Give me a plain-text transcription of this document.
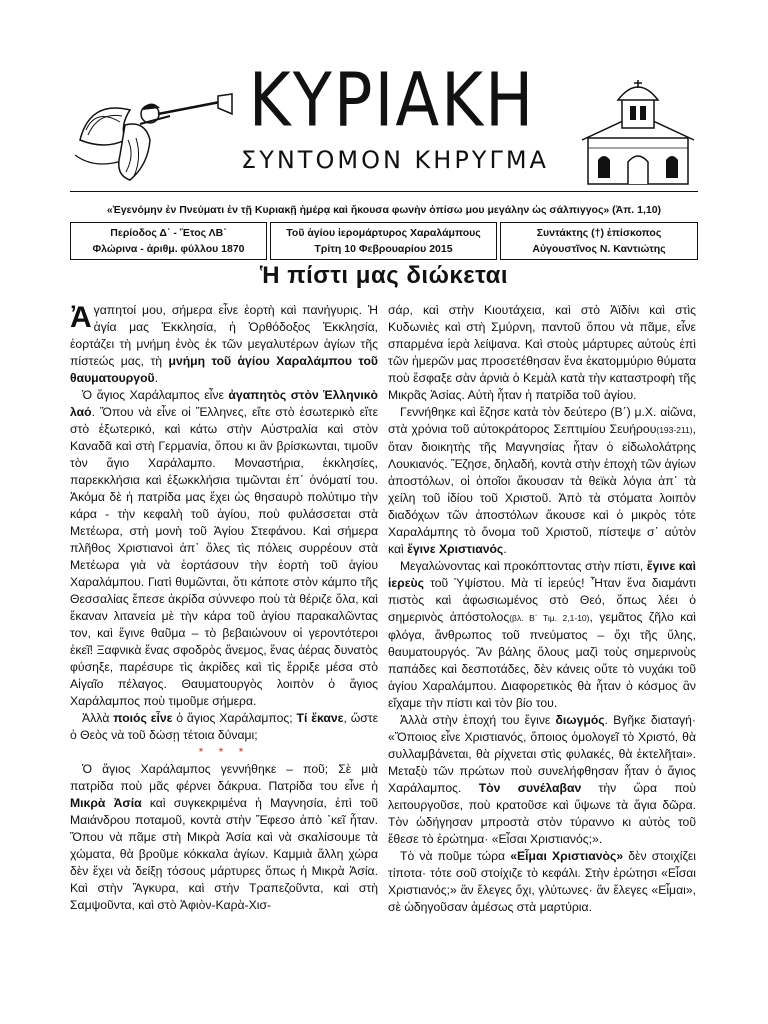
ΚΥΡΙΑΚΗ
ΣΥΝΤΟΜΟΝ ΚΗΡΥΓΜΑ
«Ἐγενόμην ἐν Πνεύματι ἐν τῇ Κυριακῇ ἡμέρᾳ καὶ ἤκουσα φωνὴν ὀπίσω μου μεγάλην ὡς σάλπιγγος» (Ἀπ. 1,10)
Περίοδος Δ΄ - Ἔτος ΛΒ΄
Φλώρινα - ἀριθμ. φύλλου 1870
Τοῦ ἁγίου ἱερομάρτυρος Χαραλάμπους
Τρίτη 10 Φεβρουαρίου 2015
Συντάκτης (†) ἐπίσκοπος
Αὐγουστῖνος Ν. Καντιώτης
Ἡ πίστι μας διώκεται

Ἀγαπητοί μου, σήμερα εἶνε ἑορτὴ καὶ πανήγυρις. Ἡ ἁγία μας Ἐκκλησία, ἡ Ὀρθόδοξος Ἐκκλησία, ἑορτάζει τὴ μνήμη ἑνὸς ἐκ τῶν μεγαλυτέρων ἁγίων τῆς πίστεώς μας, τὴ μνήμη τοῦ ἁγίου Χαραλάμπου τοῦ θαυματουργοῦ.

Ὁ ἅγιος Χαράλαμπος εἶνε ἀγαπητὸς στὸν Ἑλληνικὸ λαό. Ὅπου νὰ εἶνε οἱ Ἕλληνες, εἴτε στὸ ἐσωτερικὸ εἴτε στὸ ἐξωτερικό, καὶ κάτω στὴν Αὐστραλία καὶ στὸν Καναδᾶ καὶ στὴ Γερμανία, ὅπου κι ἂν βρίσκωνται, τιμοῦν τὸν ἅγιο Χαράλαμπο. Μοναστήρια, ἐκκλησίες, παρεκκλήσια καὶ ἐξωκκλήσια τιμῶνται ἐπ᾽ ὀνόματί του. Ἀκόμα δὲ ἡ πατρίδα μας ἔχει ὡς θησαυρὸ πολύτιμο τὴν κάρα - τὴν κεφαλὴ τοῦ ἁγίου, ποὺ φυλάσσεται στὰ Μετέωρα, στὴ μονὴ τοῦ Ἁγίου Στεφάνου. Καὶ σήμερα πλῆθος Χριστιανοὶ ἀπ᾽ ὅλες τὶς πόλεις συρρέουν στὰ Μετέωρα γιὰ νὰ ἑορτάσουν τὴν ἑορτὴ τοῦ ἁγίου Χαραλάμπου. Γιατὶ θυμῶνται, ὅτι κάποτε στὸν κάμπο τῆς Θεσσαλίας ἔπεσε ἀκρίδα σύννεφο ποὺ τὰ θέριζε ὅλα, καὶ ἔκαναν λιτανεία μὲ τὴν κάρα τοῦ ἁγίου παρακαλῶντας τον, καὶ ἔγινε θαῦμα – τὸ βεβαιώνουν οἱ γεροντότεροι ἐκεῖ! Ξαφνικὰ ἕνας σφοδρὸς ἄνεμος, ἕνας ἀέρας δυνατὸς φύσηξε, παρέσυρε τὶς ἀκρίδες καὶ τὶς ἔρριξε μέσα στὸ Αἰγαῖο πέλαγος. Θαυματουργὸς λοιπὸν ὁ ἅγιος Χαράλαμπος ποὺ τιμοῦμε σήμερα.

Ἀλλὰ ποιός εἶνε ὁ ἅγιος Χαράλαμπος; Τί ἔκανε, ὥστε ὁ Θεὸς νὰ τοῦ δώσῃ τέτοια δύναμι;

* * *

Ὁ ἅγιος Χαράλαμπος γεννήθηκε – ποῦ; Σὲ μιὰ πατρίδα ποὺ μᾶς φέρνει δάκρυα. Πατρίδα του εἶνε ἡ Μικρὰ Ἀσία καὶ συγκεκριμένα ἡ Μαγνησία, ἐπὶ τοῦ Μαιάνδρου ποταμοῦ, κοντὰ στὴν Ἔφεσο ἀπὸ ᾽κεῖ ἦταν. Ὅπου νὰ πᾶμε στὴ Μικρὰ Ἀσία καὶ νὰ σκαλίσουμε τὰ χώματα, θὰ βροῦμε κόκκαλα ἁγίων. Καμμιὰ ἄλλη χώρα δὲν ἔχει νὰ δείξῃ τόσους μάρτυρες ὅπως ἡ Μικρὰ Ἀσία. Καὶ στὴν Ἄγκυρα, καὶ στὴν Τραπεζοῦντα, καὶ στὴ Σαμψοῦντα, καὶ στὸ Ἀφιὸν-Καρὰ-Χισ-

σάρ, καὶ στὴν Κιουτάχεια, καὶ στὸ Ἀϊδίνι καὶ στὶς Κυδωνιὲς καὶ στὴ Σμύρνη, παντοῦ ὅπου νὰ πᾶμε, εἶνε σπαρμένα ἱερὰ λείψανα. Καὶ στοὺς μάρτυρες αὐτοὺς ἐπὶ τῶν ἡμερῶν μας προσετέθησαν ἕνα ἑκατομμύριο θύματα ποὺ ἔσφαξε σὰν ἀρνιὰ ὁ Κεμὰλ κατὰ τὴν καταστροφὴ τῆς Μικρᾶς Ἀσίας. Αὐτὴ ἦταν ἡ πατρίδα τοῦ ἁγίου.

Γεννήθηκε καὶ ἔζησε κατὰ τὸν δεύτερο (Β΄) μ.Χ. αἰῶνα, στὰ χρόνια τοῦ αὐτοκράτορος Σεπτιμίου Σευήρου(193-211), ὅταν διοικητὴς τῆς Μαγνησίας ἦταν ὁ εἰδωλολάτρης Λουκιανός. Ἔζησε, δηλαδή, κοντὰ στὴν ἐποχὴ τῶν ἁγίων ἀποστόλων, οἱ ὁποῖοι ἄκουσαν τὰ θεϊκὰ λόγια ἀπ᾽ τὰ χείλη τοῦ ἰδίου τοῦ Χριστοῦ. Ἀπὸ τὰ στόματα λοιπὸν διαδόχων τῶν ἀποστόλων ἄκουσε καὶ ὁ μικρὸς τότε Χαραλάμπης τὸ ὄνομα τοῦ Χριστοῦ, πίστεψε σ᾽ αὐτὸν καὶ ἔγινε Χριστιανός.

Μεγαλώνοντας καὶ προκόπτοντας στὴν πίστι, ἔγινε καὶ ἱερεὺς τοῦ Ὑψίστου. Μὰ τί ἱερεύς! Ἦταν ἕνα διαμάντι πιστὸς καὶ ἀφωσιωμένος στὸ Θεό, ὅπως λέει ὁ σημερινὸς ἀπόστολος(βλ. Β΄ Τιμ. 2,1-10), γεμᾶτος ζῆλο καὶ φλόγα, ἄνθρωπος τοῦ πνεύματος – ὄχι τῆς ὕλης, θαυματουργός. Ἂν βάλης ὅλους μαζὶ τοὺς σημερινοὺς παπάδες καὶ δεσποτάδες, δὲν κάνεις οὔτε τὸ νυχάκι τοῦ ἁγίου Χαραλάμπου. Διαφορετικὸς θὰ ἦταν ὁ κόσμος ἂν εἴχαμε τὴν πίστι καὶ τὸν βίο του.

Ἀλλὰ στὴν ἐποχή του ἔγινε διωγμός. Βγῆκε διαταγή· «Ὅποιος εἶνε Χριστιανός, ὅποιος ὁμολογεῖ τὸ Χριστό, θὰ συλλαμβάνεται, θὰ ρίχνεται στὶς φυλακές, θὰ ἐκτελῆται». Μεταξὺ τῶν πρώτων ποὺ συνελήφθησαν ἦταν ὁ ἅγιος Χαράλαμπος. Τὸν συνέλαβαν τὴν ὥρα ποὺ λειτουργοῦσε, ποὺ κρατοῦσε καὶ ὕψωνε τὰ ἅγια δῶρα. Τὸν ὡδήγησαν μπροστὰ στὸν τύραννο κι αὐτὸς τοῦ ἔθεσε τὸ ἐρώτημα· «Εἶσαι Χριστιανός;».

Τὸ νὰ ποῦμε τώρα «Εἶμαι Χριστιανὸς» δὲν στοιχίζει τίποτα· τότε σοῦ στοίχιζε τὸ κεφάλι. Στὴν ἐρώτησι «Εἶσαι Χριστιανός;» ἂν ἔλεγες ὄχι, γλύτωνες· ἂν ἔλεγες «Εἶμαι», σὲ ὡδηγοῦσαν ἀμέσως στὰ μαρτύρια.
